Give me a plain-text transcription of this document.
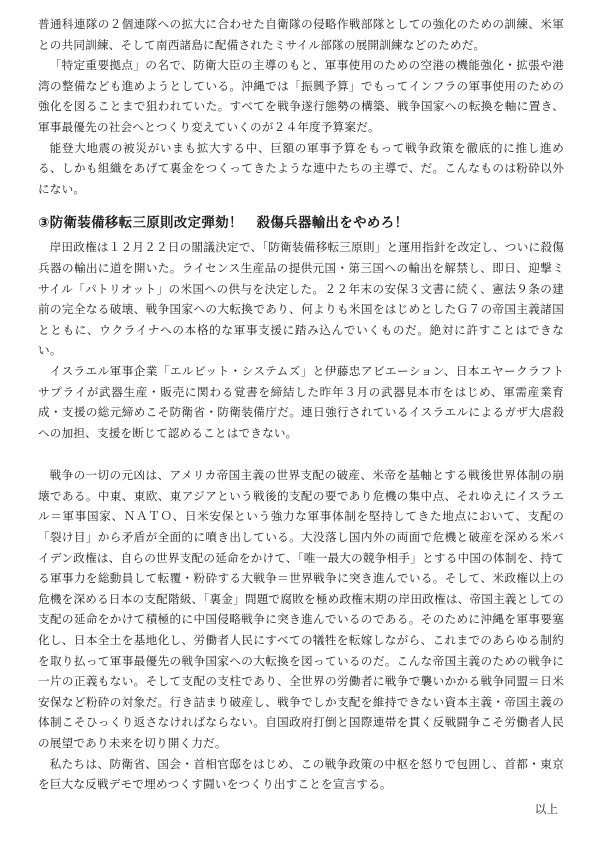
普通科連隊の２個連隊への拡大に合わせた自衛隊の侵略作戦部隊としての強化のための訓練、米軍との共同訓練、そして南西諸島に配備されたミサイル部隊の展開訓練などのためだ。

「特定重要拠点」の名で、防衛大臣の主導のもと、軍事使用のための空港の機能強化・拡張や港湾の整備なども進めようとしている。沖縄では「振興予算」でもってインフラの軍事使用のための強化を図ることまで狙われていた。すべてを戦争遂行態勢の構築、戦争国家への転換を軸に置き、軍事最優先の社会へとつくり変えていくのが２４年度予算案だ。

能登大地震の被災がいまも拡大する中、巨額の軍事予算をもって戦争政策を徹底的に推し進める、しかも組織をあげて裏金をつくってきたような連中たちの主導で、だ。こんなものは粉砕以外にない。

③防衛装備移転三原則改定弾劾！　殺傷兵器輸出をやめろ！

岸田政権は１２月２２日の閣議決定で、「防衛装備移転三原則」と運用指針を改定し、ついに殺傷兵器の輸出に道を開いた。ライセンス生産品の提供元国・第三国への輸出を解禁し、即日、迎撃ミサイル「パトリオット」の米国への供与を決定した。２２年末の安保３文書に続く、憲法９条の建前の完全なる破壊、戦争国家への大転換であり、何よりも米国をはじめとしたＧ７の帝国主義諸国とともに、ウクライナへの本格的な軍事支援に踏み込んでいくものだ。絶対に許すことはできない。

イスラエル軍事企業「エルビット・システムズ」と伊藤忠アビエーション、日本エヤークラフトサプライが武器生産・販売に関わる覚書を締結した昨年３月の武器見本市をはじめ、軍需産業育成・支援の総元締めこそ防衛省・防衛装備庁だ。連日強行されているイスラエルによるガザ大虐殺への加担、支援を断じて認めることはできない。

戦争の一切の元凶は、アメリカ帝国主義の世界支配の破産、米帝を基軸とする戦後世界体制の崩壊である。中東、東欧、東アジアという戦後的支配の要であり危機の集中点、それゆえにイスラエル＝軍事国家、ＮＡＴＯ、日米安保という強力な軍事体制を堅持してきた地点において、支配の「裂け目」から矛盾が全面的に噴き出している。大没落し国内外の両面で危機と破産を深める米バイデン政権は、自らの世界支配の延命をかけて、「唯一最大の競争相手」とする中国の体制を、持てる軍事力を総動員して転覆・粉砕する大戦争＝世界戦争に突き進んでいる。そして、米政権以上の危機を深める日本の支配階級、「裏金」問題で腐敗を極め政権末期の岸田政権は、帝国主義としての支配の延命をかけて積極的に中国侵略戦争に突き進んでいるのである。そのために沖縄を軍事要塞化し、日本全土を基地化し、労働者人民にすべての犠牲を転嫁しながら、これまでのあらゆる制約を取り払って軍事最優先の戦争国家への大転換を図っているのだ。こんな帝国主義のための戦争に一片の正義もない。そして支配の支柱であり、全世界の労働者に戦争で襲いかかる戦争同盟＝日米安保など粉砕の対象だ。行き詰まり破産し、戦争でしか支配を維持できない資本主義・帝国主義の体制こそひっくり返さなければならない。自国政府打倒と国際連帯を貫く反戦闘争こそ労働者人民の展望であり未来を切り開く力だ。

私たちは、防衛省、国会・首相官邸をはじめ、この戦争政策の中枢を怒りで包囲し、首都・東京を巨大な反戦デモで埋めつくす闘いをつくり出すことを宣言する。

以上
